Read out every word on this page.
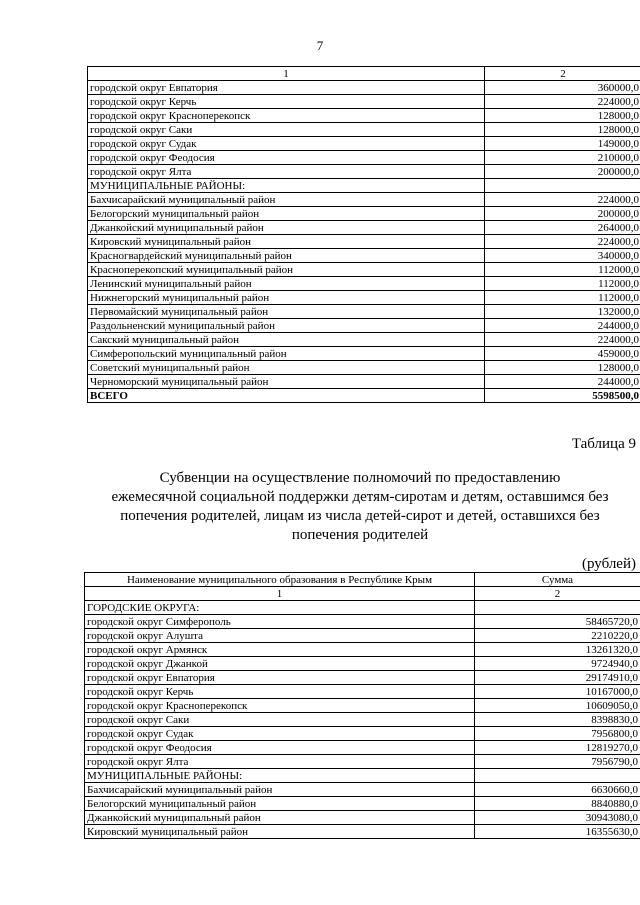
7
1	2
городской округ Евпатория	360000,0
городской округ Керчь	224000,0
городской округ Красноперекопск	128000,0
городской округ Саки	128000,0
городской округ Судак	149000,0
городской округ Феодосия	210000,0
городской округ Ялта	200000,0
МУНИЦИПАЛЬНЫЕ РАЙОНЫ:	
Бахчисарайский муниципальный район	224000,0
Белогорский муниципальный район	200000,0
Джанкойский муниципальный район	264000,0
Кировский муниципальный район	224000,0
Красногвардейский муниципальный район	340000,0
Красноперекопский муниципальный район	112000,0
Ленинский муниципальный район	112000,0
Нижнегорский муниципальный район	112000,0
Первомайский муниципальный район	132000,0
Раздольненский муниципальный район	244000,0
Сакский муниципальный район	224000,0
Симферопольский муниципальный район	459000,0
Советский муниципальный район	128000,0
Черноморский муниципальный район	244000,0
ВСЕГО	5598500,0
Таблица 9
Субвенции на осуществление полномочий по предоставлению
ежемесячной социальной поддержки детям-сиротам и детям, оставшимся без
попечения родителей, лицам из числа детей-сирот и детей, оставшихся без
попечения родителей
(рублей)
Наименование муниципального образования в Республике Крым	Сумма
1	2
ГОРОДСКИЕ ОКРУГА:	
городской округ Симферополь	58465720,0
городской округ Алушта	2210220,0
городской округ Армянск	13261320,0
городской округ Джанкой	9724940,0
городской округ Евпатория	29174910,0
городской округ Керчь	10167000,0
городской округ Красноперекопск	10609050,0
городской округ Саки	8398830,0
городской округ Судак	7956800,0
городской округ Феодосия	12819270,0
городской округ Ялта	7956790,0
МУНИЦИПАЛЬНЫЕ РАЙОНЫ:	
Бахчисарайский муниципальный район	6630660,0
Белогорский муниципальный район	8840880,0
Джанкойский муниципальный район	30943080,0
Кировский муниципальный район	16355630,0
